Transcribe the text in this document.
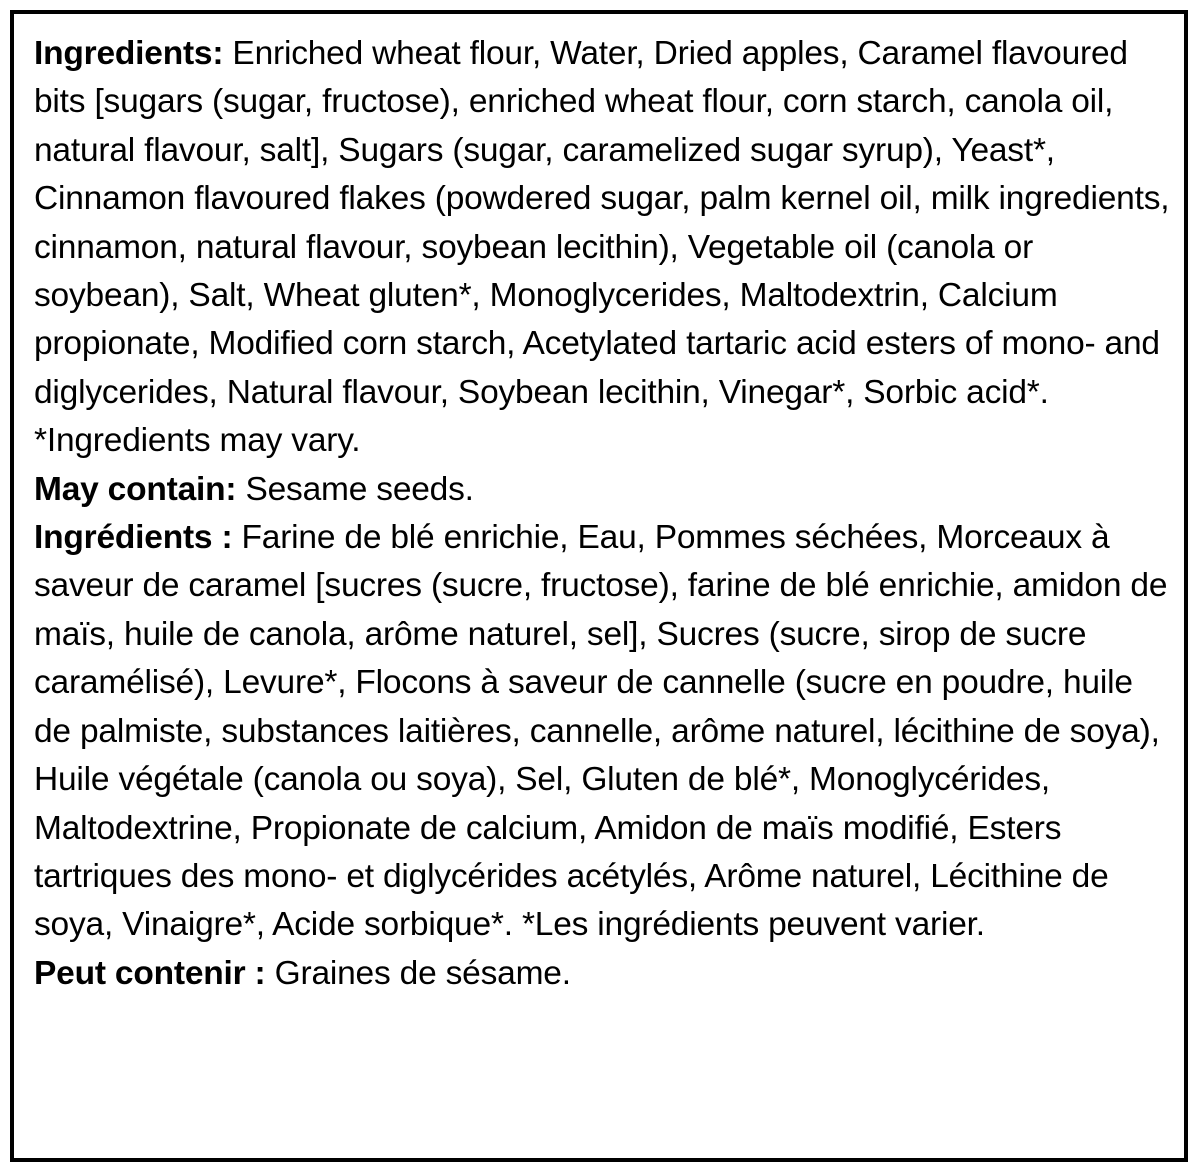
Ingredients: Enriched wheat flour, Water, Dried apples, Caramel flavoured bits [sugars (sugar, fructose), enriched wheat flour, corn starch, canola oil, natural flavour, salt], Sugars (sugar, caramelized sugar syrup), Yeast*, Cinnamon flavoured flakes (powdered sugar, palm kernel oil, milk ingredients, cinnamon, natural flavour, soybean lecithin), Vegetable oil (canola or soybean), Salt, Wheat gluten*, Monoglycerides, Maltodextrin, Calcium propionate, Modified corn starch, Acetylated tartaric acid esters of mono- and diglycerides, Natural flavour, Soybean lecithin, Vinegar*, Sorbic acid*. *Ingredients may vary.

May contain: Sesame seeds.

Ingrédients : Farine de blé enrichie, Eau, Pommes séchées, Morceaux à saveur de caramel [sucres (sucre, fructose), farine de blé enrichie, amidon de maïs, huile de canola, arôme naturel, sel], Sucres (sucre, sirop de sucre caramélisé), Levure*, Flocons à saveur de cannelle (sucre en poudre, huile de palmiste, substances laitières, cannelle, arôme naturel, lécithine de soya), Huile végétale (canola ou soya), Sel, Gluten de blé*, Monoglycérides, Maltodextrine, Propionate de calcium, Amidon de maïs modifié, Esters tartriques des mono- et diglycérides acétylés, Arôme naturel, Lécithine de soya, Vinaigre*, Acide sorbique*. *Les ingrédients peuvent varier.

Peut contenir : Graines de sésame.
